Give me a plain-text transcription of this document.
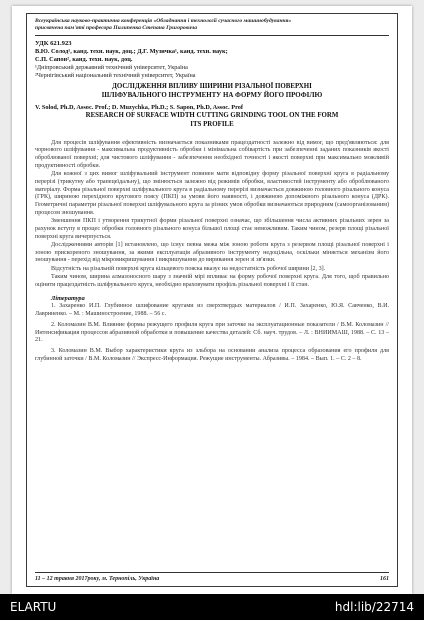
Всеукраїнська науково-практична конференція «Обладнання і технології сучасного машинобудування»
присвячена пам'яті професора Пилипенка Степана Григоровича
УДК 621.923
В.Ю. Солод¹, канд. техн. наук, доц.; Д.Г. Музичка¹, канд. техн. наук;
С.П. Сапон², канд. техн. наук, доц.
¹Дніпровський державний технічний університет, Україна
²Чернігівський національний технічний університет, Україна
ДОСЛІДЖЕННЯ ВПЛИВУ ШИРИНИ РІЗАЛЬНОЇ ПОВЕРХНІ
ШЛІФУВАЛЬНОГО ІНСТРУМЕНТУ НА ФОРМУ ЙОГО ПРОФІЛЮ
V. Solod, Ph.D, Assoc. Prof.; D. Muzychka, Ph.D.; S. Sapon, Ph.D, Assoc. Prof
RESEARCH OF SURFACE WIDTH CUTTING GRINDING TOOL ON THE FORM
ITS PROFILE

Для процесів шліфування ефективність визначається показниками працездатності залежно від вимог, що пред'являються: для чорнового шліфування - максимальна продуктивність обробки і мінімальна собівартість при забезпеченні заданих показників якості оброблюваної поверхні; для чистового шліфування - забезпечення необхідної точності і якості поверхні при максимально можливій продуктивності обробки.

Для кожної з цих вимог шліфувальний інструмент повинен мати відповідну форму різальної поверхні круга в радіальному перерізі (трикутну або трапецеїдальну), що змінюється залежно від режимів обробки, властивостей інструменту або оброблюваного матеріалу. Форма різальної поверхні шліфувального круга в радіальному перерізі визначається довжиною головного різального конуса (ГРК), шириною перехідного кругового поясу (ПКП) за умови його наявності, і довжиною допоміжного різального конуса (ДРК). Геометричні параметри різальної поверхні шліфувального круга за різних умов обробки визначаються природним (самоорганізованим) процесом зношування.

Зменшення ПКП і утворення трикутної форми різальної поверхні означає, що збільшення числа активних різальних зерен за рахунок вступу в процес обробки головного різального конуса більшої площі стає неможливим. Таким чином, резерв площі різальної поверхні круга вичерпується.

Дослідженнями авторів [1] встановлено, що існує певна межа між зоною роботи круга з резервом площі різальної поверхні і зоною прискореного зношування, за якими експлуатація абразивного інструменту недоцільна, оскільки міняється механізм його зношування - перехід від мікровикришування і викришування до виривання зерен зі зв'язки.

Відсутність на різальній поверхні круга кільцевого пояска вказує на недостатність робочої ширини [2, 3].

Таким чином, ширина алмазоносного шару з значній мірі впливає на форму робочої поверхні круга. Для того, щоб правильно оцінити працездатність шліфувального круга, необхідно враховувати профіль різальної поверхні і її стан.

Література

1. Захаренко И.П. Глубинное шлифование кругами из сверхтвердых материалов / И.П. Захаренко, Ю.Я. Савченко, В.И. Лавриненко. – М. : Машиностроение, 1988. – 56 с.

2. Коломазин В.М. Влияние формы режущего профиля круга при заточке на эксплуатационные показатели / В.М. Коломазин // Интенсификация процессов абразивной обработки и повышение качества деталей: Сб. науч. трудов. – Л. : ВНИИМАШ, 1988. – С. 13 – 21.

3. Коломазин В.М. Выбор характеристики круга из эльбора на основании анализа процесса образования его профиля для глубинной заточки / В.М. Коломазин // Экспресс-Информация. Режущие инструменты. Абразивы. – 1984. – Вып. 1. – С. 2 – 8.

11 – 12 травня 2017року, м. Тернопіль, Україна	161
ELARTU	hdl:lib/22714
